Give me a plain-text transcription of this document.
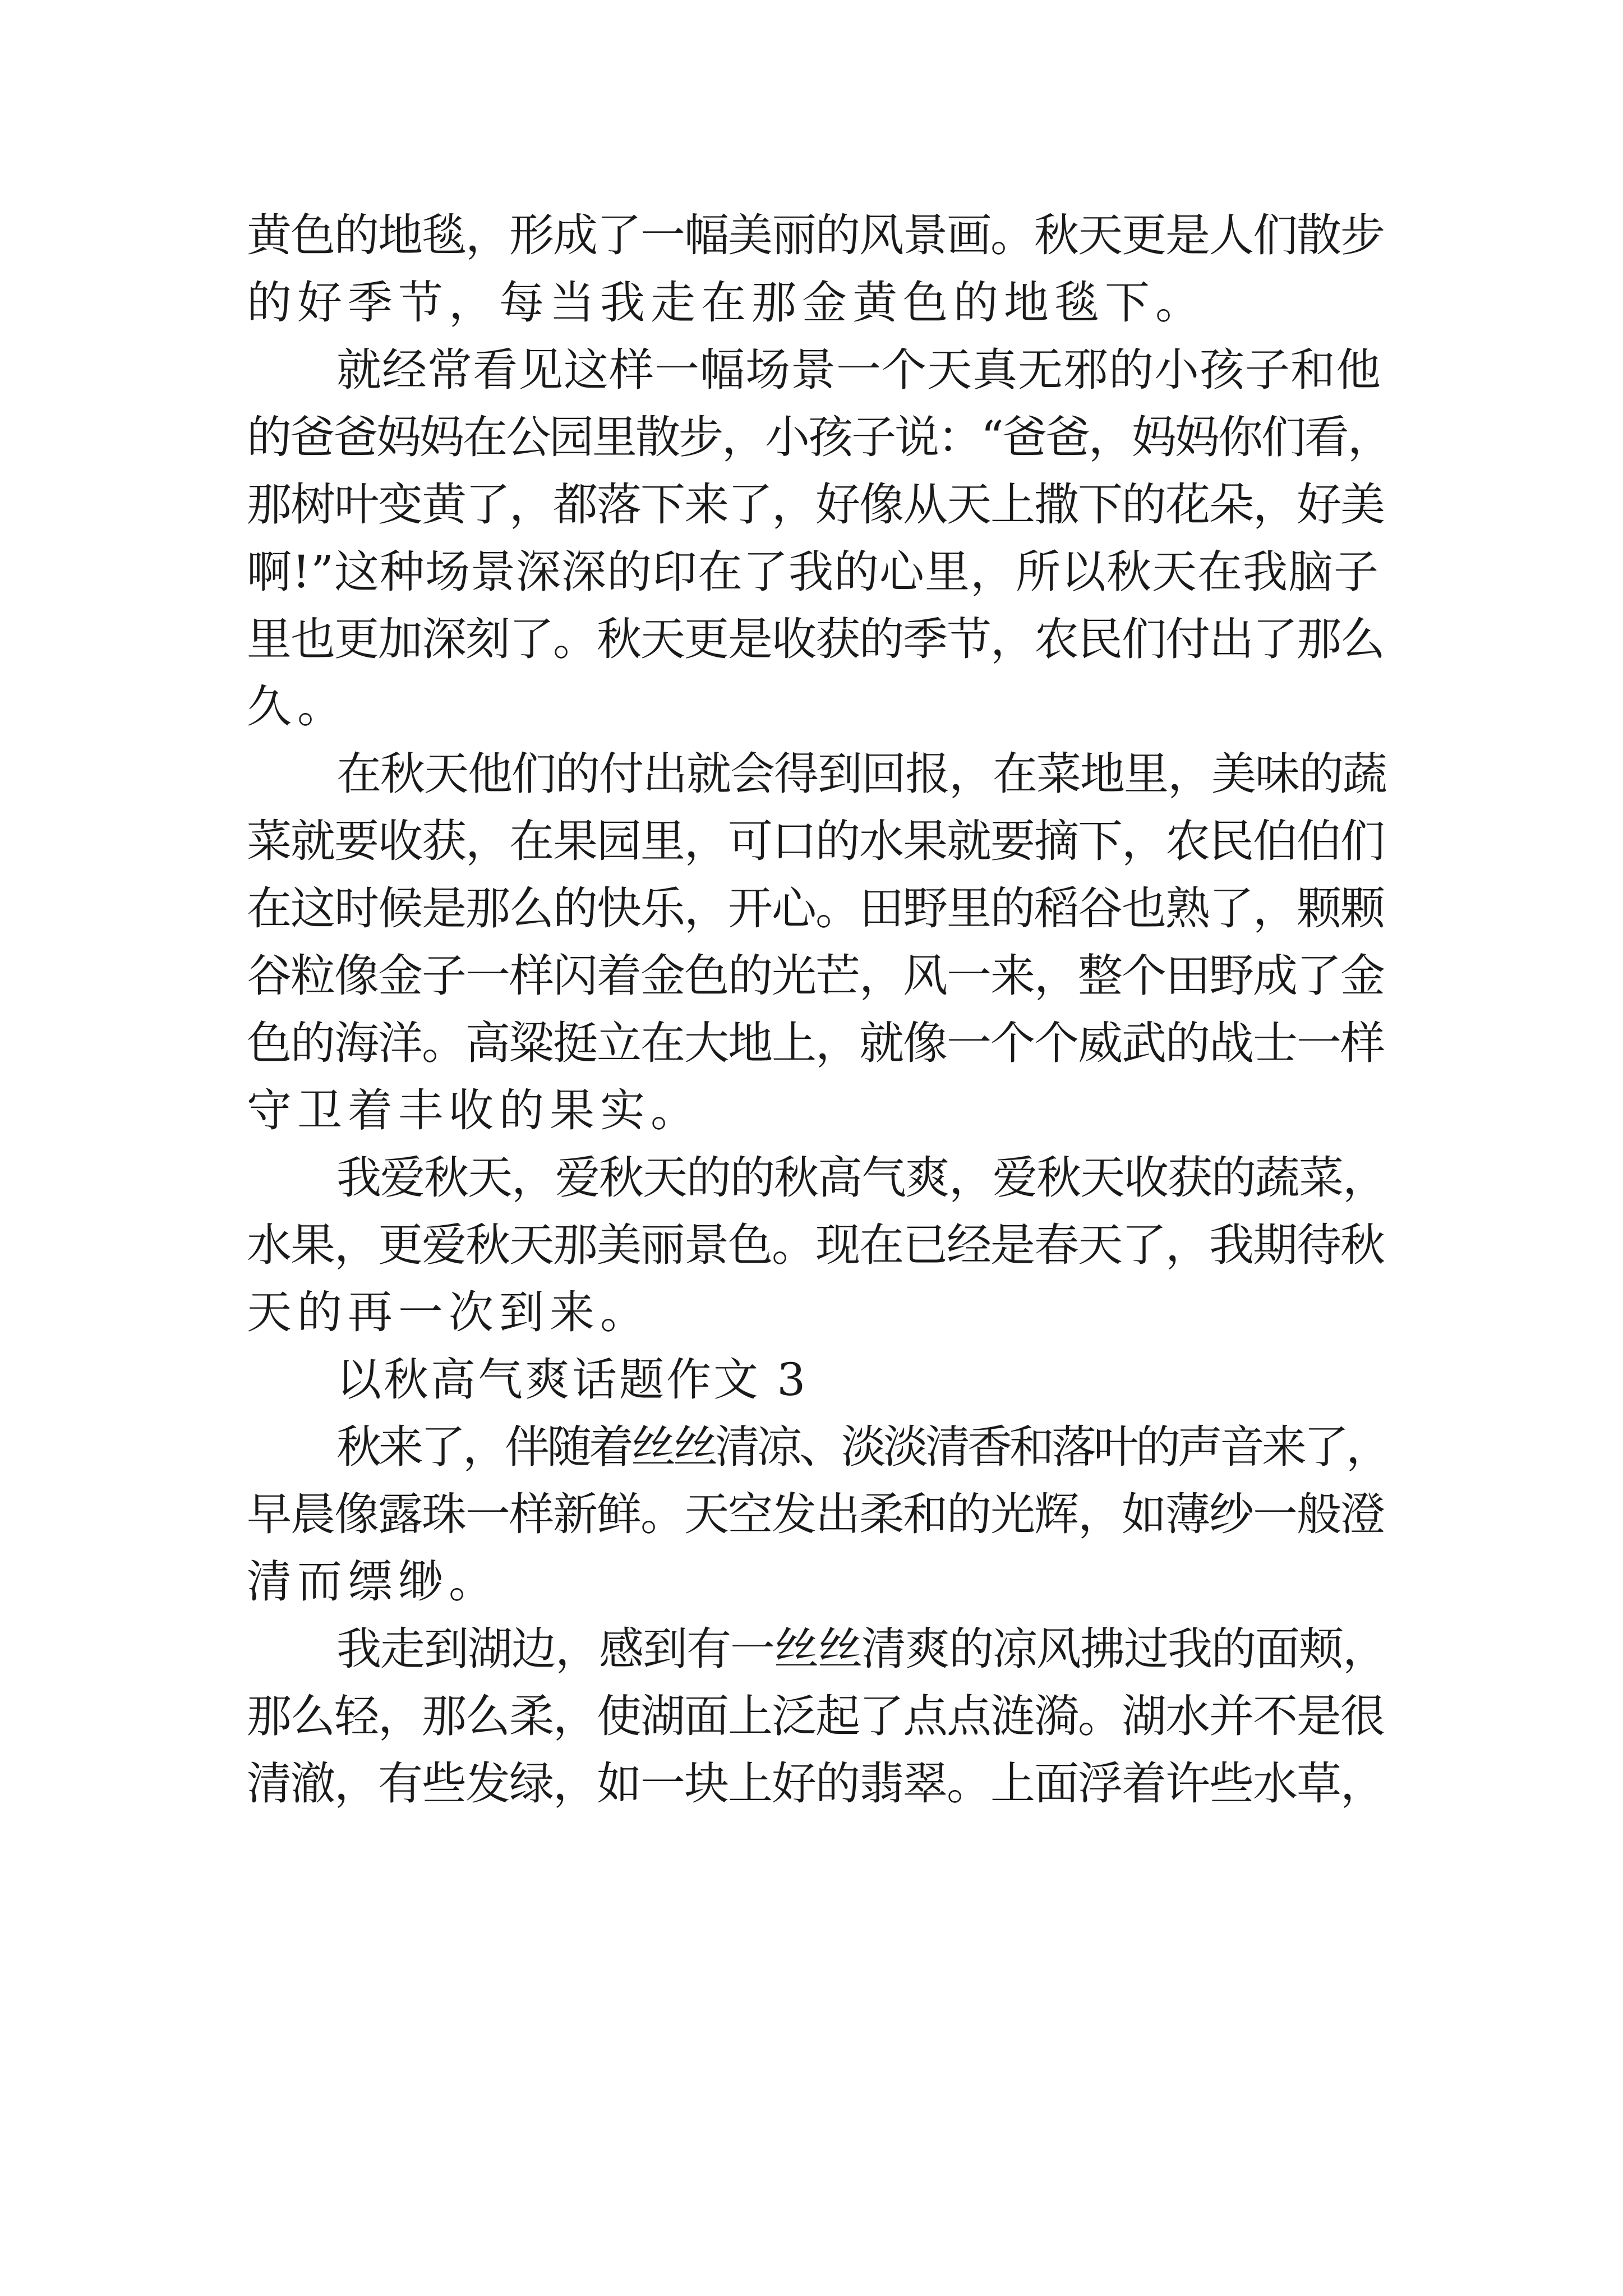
黄色的地毯，形成了一幅美丽的风景画。秋天更是人们散步
的好季节，每当我走在那金黄色的地毯下。
就经常看见这样一幅场景一个天真无邪的小孩子和他
的爸爸妈妈在公园里散步，小孩子说：“爸爸，妈妈你们看，
那树叶变黄了，都落下来了，好像从天上撒下的花朵，好美
啊!”这种场景深深的印在了我的心里，所以秋天在我脑子
里也更加深刻了。秋天更是收获的季节，农民们付出了那么
久。
在秋天他们的付出就会得到回报，在菜地里，美味的蔬
菜就要收获，在果园里，可口的水果就要摘下，农民伯伯们
在这时候是那么的快乐，开心。田野里的稻谷也熟了，颗颗
谷粒像金子一样闪着金色的光芒，风一来，整个田野成了金
色的海洋。高粱挺立在大地上，就像一个个威武的战士一样
守卫着丰收的果实。
我爱秋天，爱秋天的的秋高气爽，爱秋天收获的蔬菜，
水果，更爱秋天那美丽景色。现在已经是春天了，我期待秋
天的再一次到来。
以秋高气爽话题作文 3
秋来了，伴随着丝丝清凉、淡淡清香和落叶的声音来了，
早晨像露珠一样新鲜。天空发出柔和的光辉，如薄纱一般澄
清而缥缈。
我走到湖边，感到有一丝丝清爽的凉风拂过我的面颊，
那么轻，那么柔，使湖面上泛起了点点涟漪。湖水并不是很
清澈，有些发绿，如一块上好的翡翠。上面浮着许些水草，
